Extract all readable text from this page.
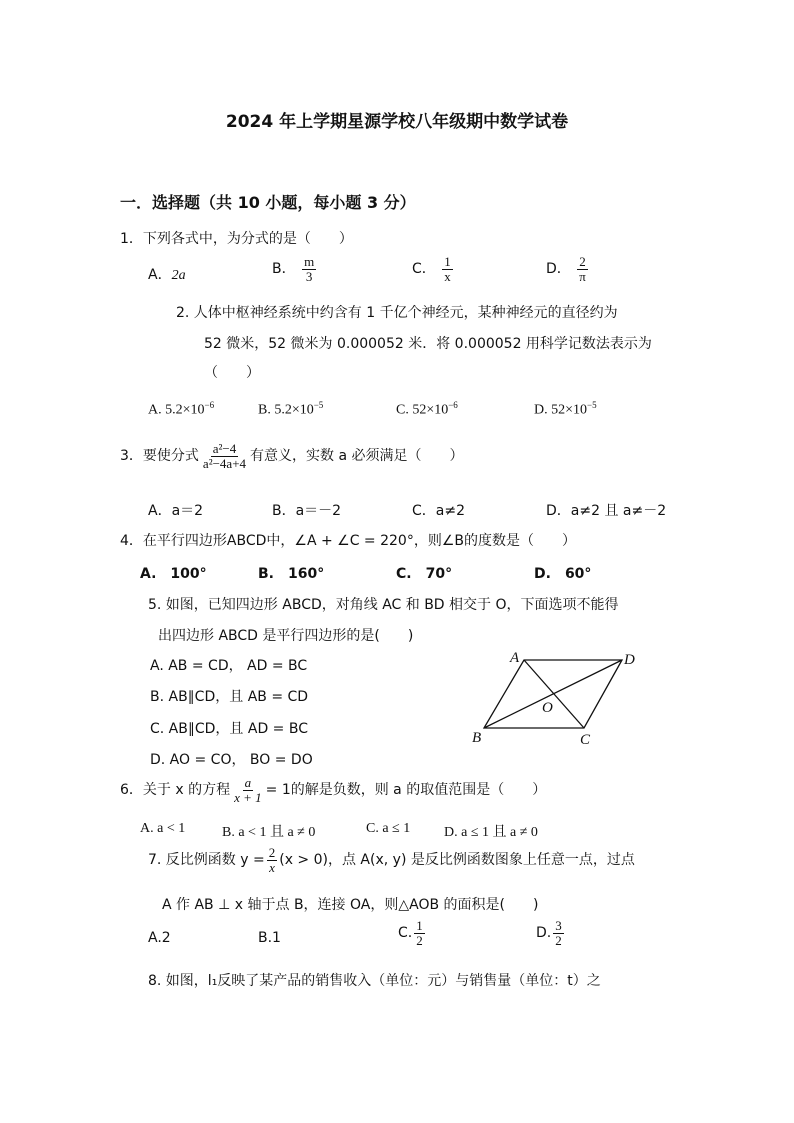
2024 年上学期星源学校八年级期中数学试卷
一．选择题（共 10 小题，每小题 3 分）
1．下列各式中，为分式的是（　　）
A．2a	B． $\frac{m}{3}$	C． $\frac{1}{x}$	D． $\frac{2}{\pi}$
2. 人体中枢神经系统中约含有 1 千亿个神经元，某种神经元的直径约为
52 微米，52 微米为 0.000052 米．将 0.000052 用科学记数法表示为
（　　）
A. $5.2\times 10^{-6}$	B. $5.2\times 10^{-5}$	C. $52\times 10^{-6}$	D. $52\times 10^{-5}$
3．要使分式 $\frac{\text{a²−4}}{\text{a²−4a+4}}$ 有意义，实数 a 必须满足（　　）
A．a＝2	B．a＝－2	C．a≠2	D．a≠2 且 a≠－2
4．在平行四边形ABCD中，∠A + ∠C = 220°，则∠B的度数是（　　）
A.　100°	B.　160°	C.　70°	D.　60°
5. 如图，已知四边形 ABCD，对角线 AC 和 BD 相交于 O，下面选项不能得
出四边形 ABCD 是平行四边形的是(　　)
A. AB = CD， AD = BC
B. AB∥CD，且 AB = CD
C. AB∥CD，且 AD = BC
D. AO = CO， BO = DO
A	D
B	C
O
6．关于 x 的方程 $\frac{a}{x + 1} = 1$的解是负数，则 a 的取值范围是（　　）
A. a < 1	B. a < 1 且 a ≠ 0	C. a ≤ 1 D. a ≤ 1 且 a ≠ 0
7. 反比例函数 $y = \frac{2}{x} (x > 0)$，点 A(x, y) 是反比例函数图象上任意一点，过点
A 作 AB ⊥ x 轴于点 B，连接 OA，则△AOB 的面积是(　　)
A.2	B.1	C. $\frac{1}{2}$	D. $\frac{3}{2}$
8. 如图，l₁反映了某产品的销售收入（单位：元）与销售量（单位：t）之
